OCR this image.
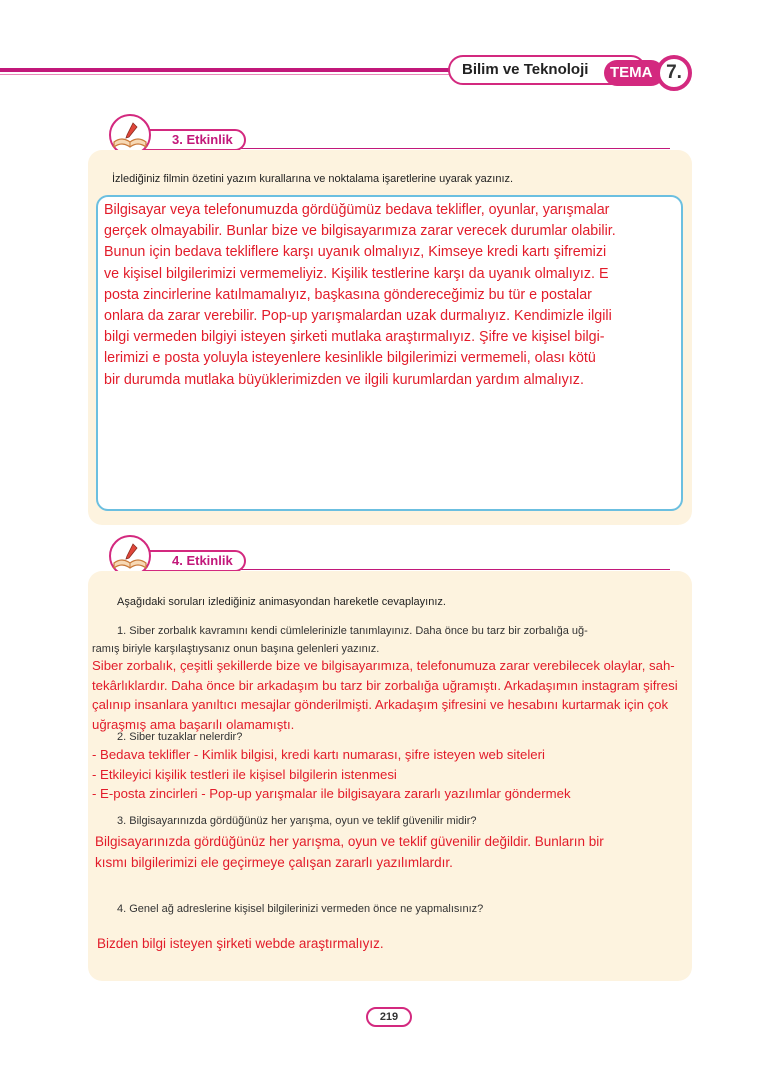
Bilim ve Teknoloji	TEMA 7.
3. Etkinlik
İzlediğiniz filmin özetini yazım kurallarına ve noktalama işaretlerine uyarak yazınız.
Bilgisayar veya telefonumuzda gördüğümüz bedava teklifler, oyunlar, yarışmalar
gerçek olmayabilir. Bunlar bize ve bilgisayarımıza zarar verecek durumlar olabilir.
Bunun için bedava tekliflere karşı uyanık olmalıyız, Kimseye kredi kartı şifremizi
ve kişisel bilgilerimizi vermemeliyiz. Kişilik testlerine karşı da uyanık olmalıyız. E
posta zincirlerine katılmamalıyız, başkasına göndereceğimiz bu tür e postalar
onlara da zarar verebilir. Pop-up yarışmalardan uzak durmalıyız. Kendimizle ilgili
bilgi vermeden bilgiyi isteyen şirketi mutlaka araştırmalıyız. Şifre ve kişisel bilgi-
lerimizi e posta yoluyla isteyenlere kesinlikle bilgilerimizi vermemeli, olası kötü
bir durumda mutlaka büyüklerimizden ve ilgili kurumlardan yardım almalıyız.
4. Etkinlik
Aşağıdaki soruları izlediğiniz animasyondan hareketle cevaplayınız.
1. Siber zorbalık kavramını kendi cümlelerinizle tanımlayınız. Daha önce bu tarz bir zorbalığa uğ-
ramış biriyle karşılaştıysanız onun başına gelenleri yazınız.
Siber zorbalık, çeşitli şekillerde bize ve bilgisayarımıza, telefonumuza zarar verebilecek olaylar, sah-
tekârlıklardır. Daha önce bir arkadaşım bu tarz bir zorbalığa uğramıştı. Arkadaşımın instagram şifresi
çalınıp insanlara yanıltıcı mesajlar gönderilmişti. Arkadaşım şifresini ve hesabını kurtarmak için çok
uğraşmış ama başarılı olamamıştı.
2. Siber tuzaklar nelerdir?
- Bedava teklifler - Kimlik bilgisi, kredi kartı numarası, şifre isteyen web siteleri
- Etkileyici kişilik testleri ile kişisel bilgilerin istenmesi
- E-posta zincirleri - Pop-up yarışmalar ile bilgisayara zararlı yazılımlar göndermek
3. Bilgisayarınızda gördüğünüz her yarışma, oyun ve teklif güvenilir midir?
Bilgisayarınızda gördüğünüz her yarışma, oyun ve teklif güvenilir değildir. Bunların bir
kısmı bilgilerimizi ele geçirmeye çalışan zararlı yazılımlardır.
4. Genel ağ adreslerine kişisel bilgilerinizi vermeden önce ne yapmalısınız?
Bizden bilgi isteyen şirketi webde araştırmalıyız.
219
